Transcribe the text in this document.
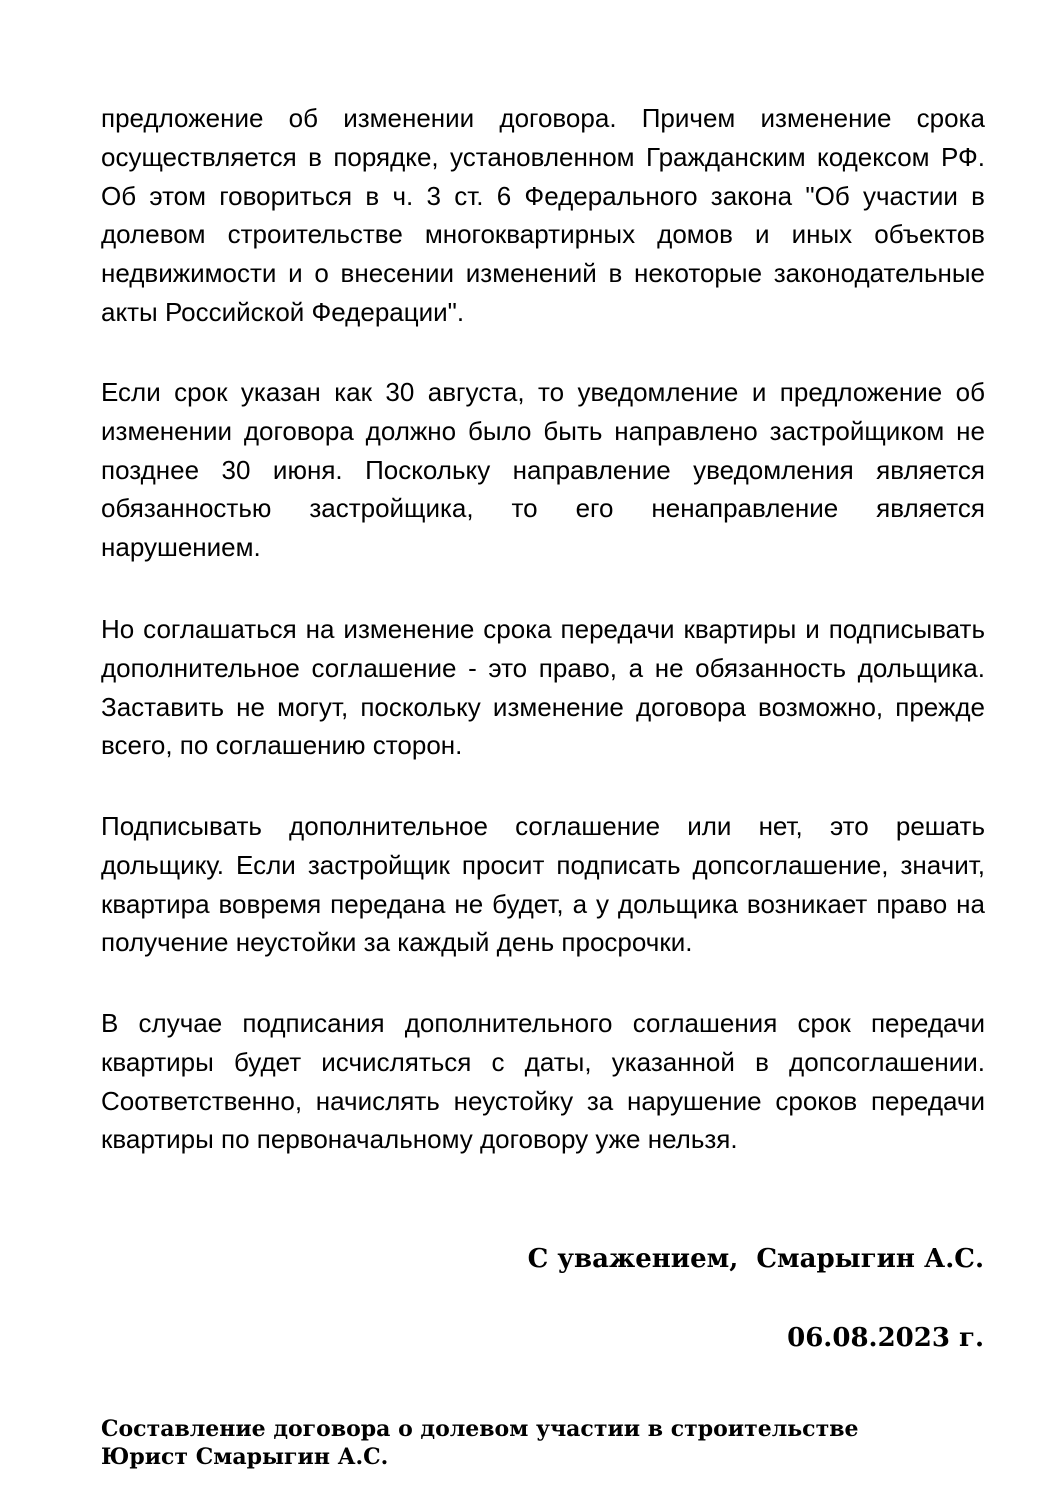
предложение об изменении договора. Причем изменение срока осуществляется в порядке, установленном Гражданским кодексом РФ. Об этом говориться в ч. 3 ст. 6 Федерального закона "Об участии в долевом строительстве многоквартирных домов и иных объектов недвижимости и о внесении изменений в некоторые законодательные акты Российской Федерации".

Если срок указан как 30 августа, то уведомление и предложение об изменении договора должно было быть направлено застройщиком не позднее 30 июня. Поскольку направление уведомления является обязанностью застройщика, то его ненаправление является нарушением.

Но соглашаться на изменение срока передачи квартиры и подписывать дополнительное соглашение - это право, а не обязанность дольщика. Заставить не могут, поскольку изменение договора возможно, прежде всего, по соглашению сторон.

Подписывать дополнительное соглашение или нет, это решать дольщику. Если застройщик просит подписать допсоглашение, значит, квартира вовремя передана не будет, а у дольщика возникает право на получение неустойки за каждый день просрочки.

В случае подписания дополнительного соглашения срок передачи квартиры будет исчисляться с даты, указанной в допсоглашении. Соответственно, начислять неустойку за нарушение сроков передачи квартиры по первоначальному договору уже нельзя.

С уважением,  Смарыгин А.С.

06.08.2023 г.

Составление договора о долевом участии в строительстве

Юрист Смарыгин А.С.
